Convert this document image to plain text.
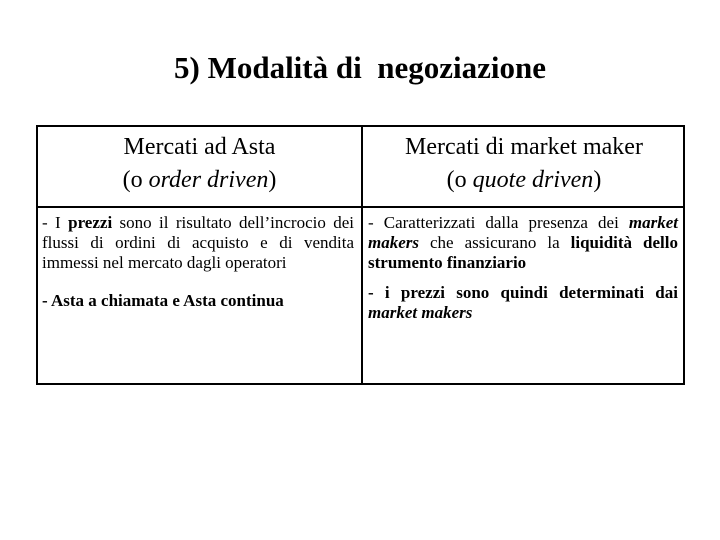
5) Modalità di  negoziazione
Mercati ad Asta
(o order driven)
Mercati di market maker
(o quote driven)

- I prezzi sono il risultato dell’incrocio dei flussi di ordini di acquisto e di vendita immessi nel mercato dagli operatori

- Asta a chiamata e Asta continua

- Caratterizzati dalla presenza dei market makers che assicurano la liquidità dello strumento finanziario

- i prezzi sono quindi determinati dai market makers
